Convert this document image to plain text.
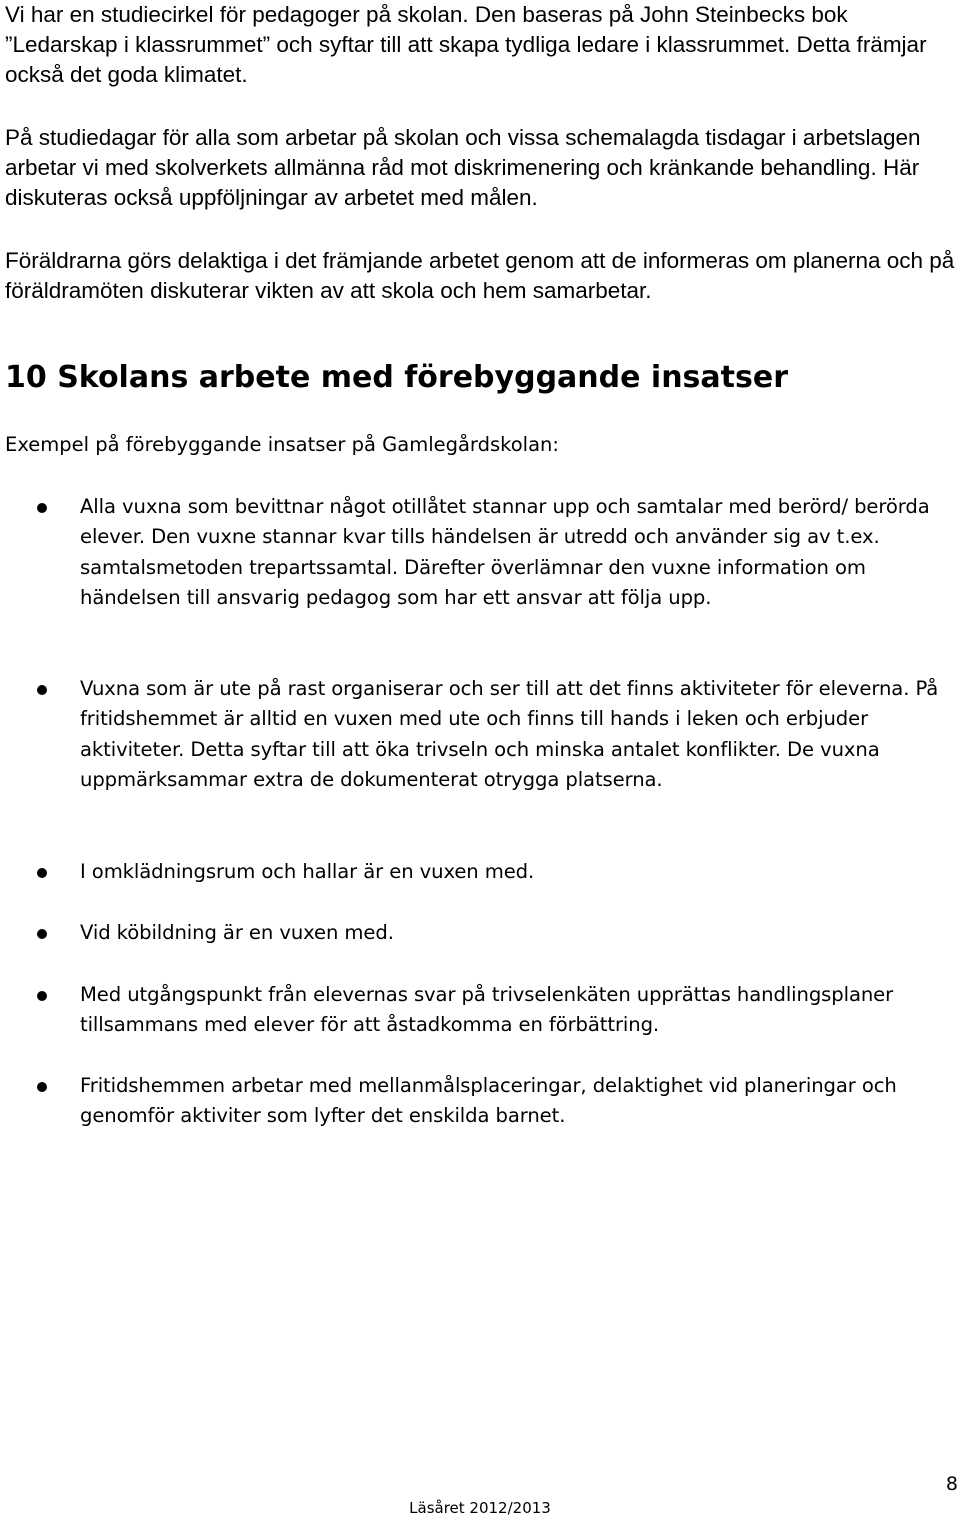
Vi har en studiecirkel för pedagoger på skolan. Den baseras på John Steinbecks bok ”Ledarskap i klassrummet” och syftar till att skapa tydliga ledare i klassrummet. Detta främjar också det goda klimatet.

På studiedagar för alla som arbetar på skolan och vissa schemalagda tisdagar i arbetslagen arbetar vi med skolverkets allmänna råd mot diskrimenering och kränkande behandling. Här diskuteras också uppföljningar av arbetet med målen.

Föräldrarna görs delaktiga i det främjande arbetet genom att de informeras om planerna och på föräldramöten diskuterar vikten av att skola och hem samarbetar.

10 Skolans arbete med förebyggande insatser

Exempel på förebyggande insatser på Gamlegårdskolan:

Alla vuxna som bevittnar något otillåtet stannar upp och samtalar med berörd/ berörda elever. Den vuxne stannar kvar tills händelsen är utredd och använder sig av t.ex. samtalsmetoden trepartssamtal. Därefter överlämnar den vuxne information om händelsen till ansvarig pedagog som har ett ansvar att följa upp.

Vuxna som är ute på rast organiserar och ser till att det finns aktiviteter för eleverna. På fritidshemmet är alltid en vuxen med ute och finns till hands i leken och erbjuder aktiviteter. Detta syftar till att öka trivseln och minska antalet konflikter. De vuxna uppmärksammar extra de dokumenterat otrygga platserna.

I omklädningsrum och hallar är en vuxen med.

Vid köbildning är en vuxen med.

Med utgångspunkt från elevernas svar på trivselenkäten upprättas handlingsplaner tillsammans med elever för att åstadkomma en förbättring.

Fritidshemmen arbetar med mellanmålsplaceringar, delaktighet vid planeringar och genomför aktiviter som lyfter det enskilda barnet.

8
Läsåret 2012/2013
